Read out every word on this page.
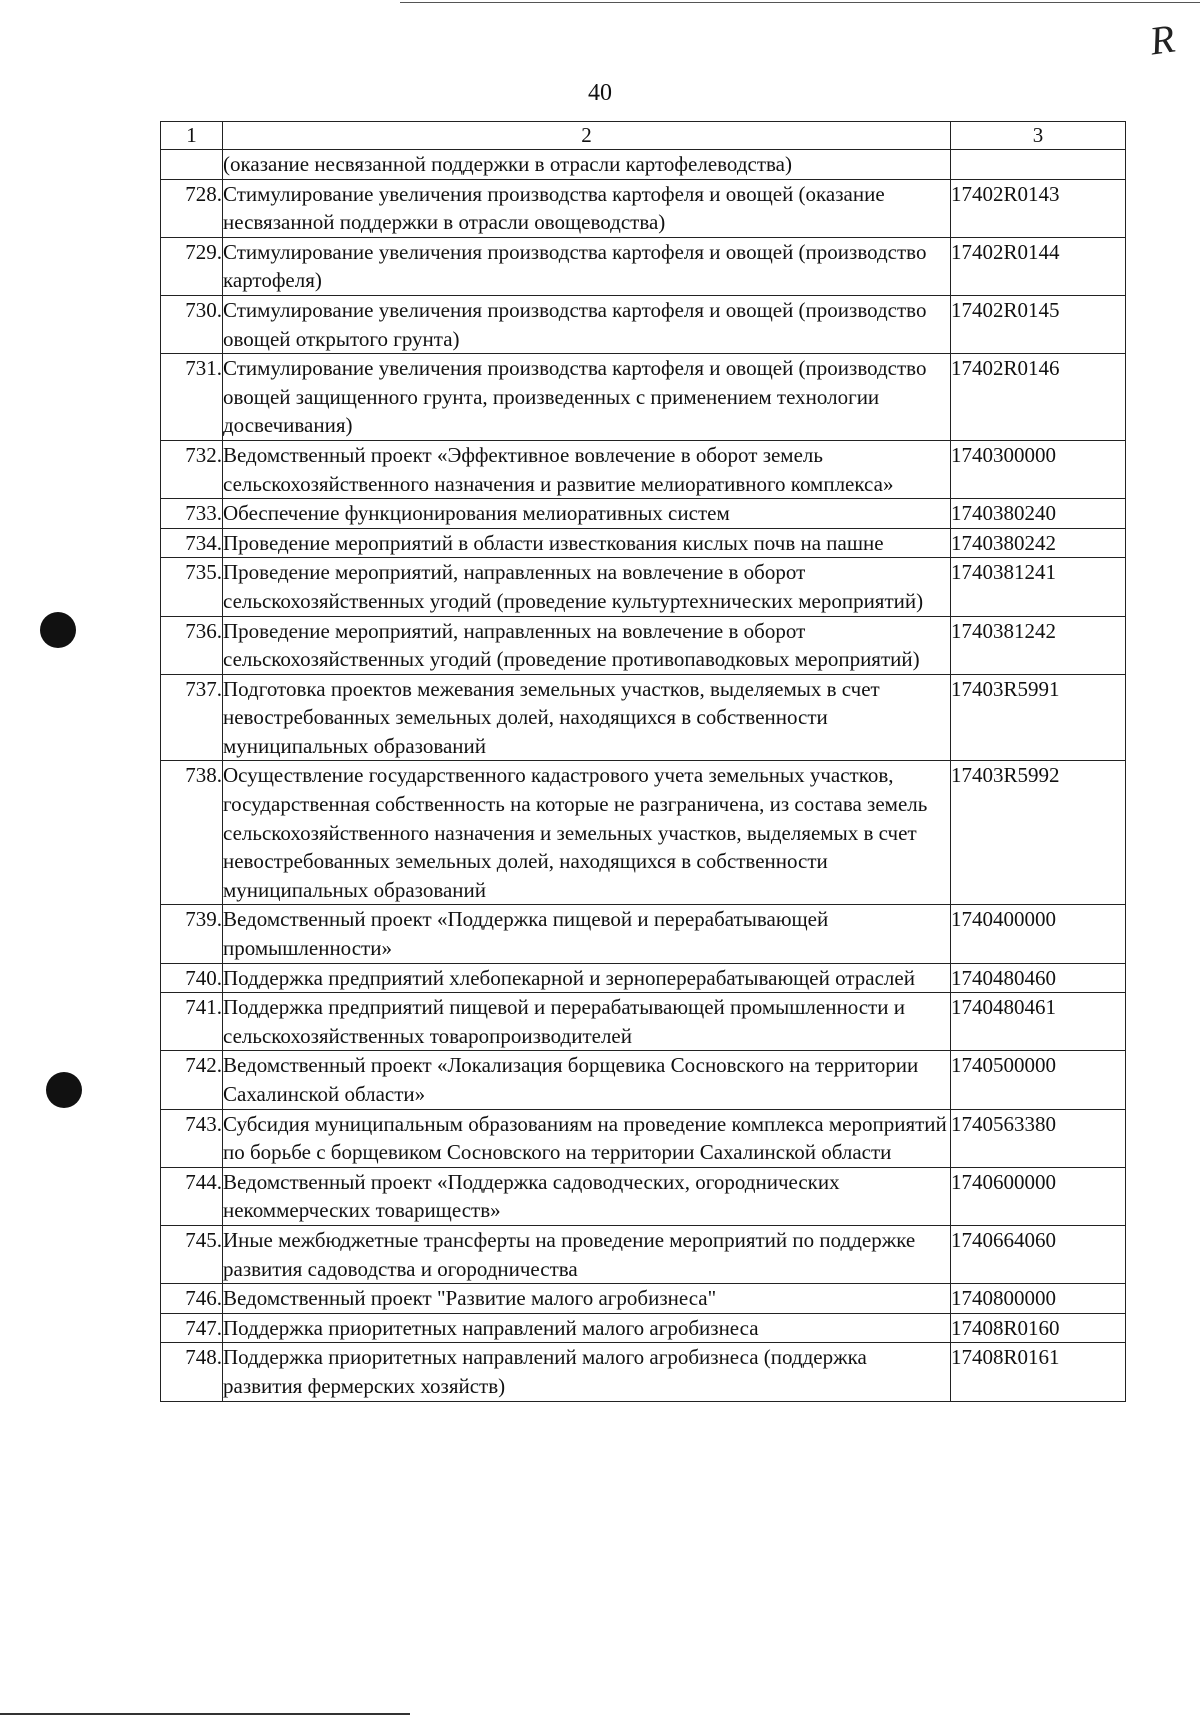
R
40
1	2	3
	(оказание несвязанной поддержки в отрасли картофелеводства)	
728.	Стимулирование увеличения производства картофеля и овощей (оказание несвязанной поддержки в отрасли овощеводства)	17402R0143
729.	Стимулирование увеличения производства картофеля и овощей (производство картофеля)	17402R0144
730.	Стимулирование увеличения производства картофеля и овощей (производство овощей открытого грунта)	17402R0145
731.	Стимулирование увеличения производства картофеля и овощей (производство овощей защищенного грунта, произведенных с применением технологии досвечивания)	17402R0146
732.	Ведомственный проект «Эффективное вовлечение в оборот земель сельскохозяйственного назначения и развитие мелиоративного комплекса»	1740300000
733.	Обеспечение функционирования мелиоративных систем	1740380240
734.	Проведение мероприятий в области известкования кислых почв на пашне	1740380242
735.	Проведение мероприятий, направленных на вовлечение в оборот сельскохозяйственных угодий (проведение культуртехнических мероприятий)	1740381241
736.	Проведение мероприятий, направленных на вовлечение в оборот сельскохозяйственных угодий (проведение противопаводковых мероприятий)	1740381242
737.	Подготовка проектов межевания земельных участков, выделяемых в счет невостребованных земельных долей, находящихся в собственности муниципальных образований	17403R5991
738.	Осуществление государственного кадастрового учета земельных участков, государственная собственность на которые не разграничена, из состава земель сельскохозяйственного назначения и земельных участков, выделяемых в счет невостребованных земельных долей, находящихся в собственности муниципальных образований	17403R5992
739.	Ведомственный проект «Поддержка пищевой и перерабатывающей промышленности»	1740400000
740.	Поддержка предприятий хлебопекарной и зерноперерабатывающей отраслей	1740480460
741.	Поддержка предприятий пищевой и перерабатывающей промышленности и сельскохозяйственных товаропроизводителей	1740480461
742.	Ведомственный проект «Локализация борщевика Сосновского на территории Сахалинской области»	1740500000
743.	Субсидия муниципальным образованиям на проведение комплекса мероприятий по борьбе с борщевиком Сосновского на территории Сахалинской области	1740563380
744.	Ведомственный проект «Поддержка садоводческих, огороднических некоммерческих товариществ»	1740600000
745.	Иные межбюджетные трансферты на проведение мероприятий по поддержке развития садоводства и огородничества	1740664060
746.	Ведомственный проект "Развитие малого агробизнеса"	1740800000
747.	Поддержка приоритетных направлений малого агробизнеса	17408R0160
748.	Поддержка приоритетных направлений малого агробизнеса (поддержка развития фермерских хозяйств)	17408R0161
